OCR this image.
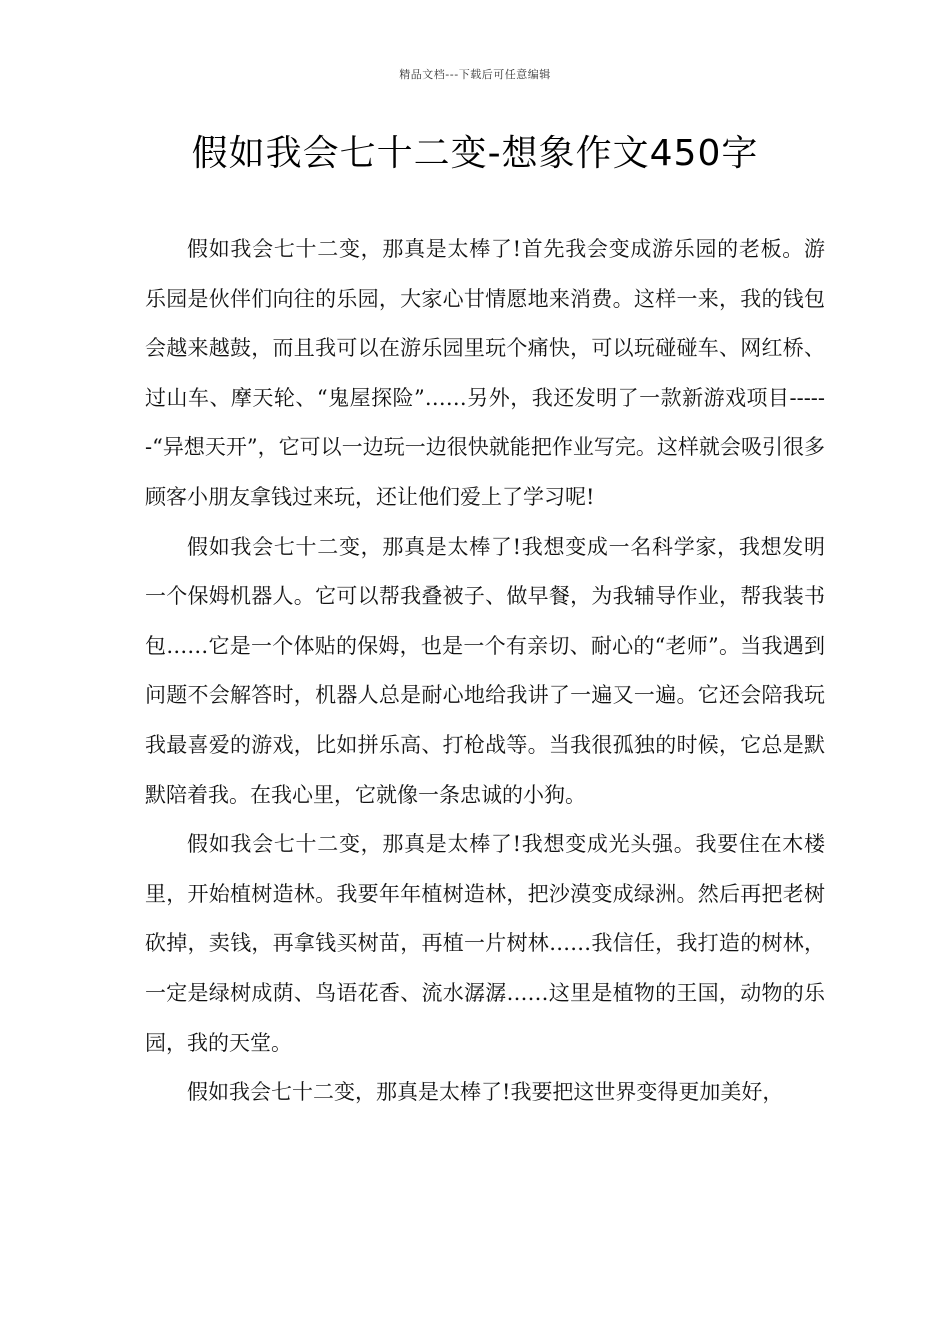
精品文档---下载后可任意编辑
假如我会七十二变-想象作文450字

假如我会七十二变，那真是太棒了!首先我会变成游乐园的老板。游乐园是伙伴们向往的乐园，大家心甘情愿地来消费。这样一来，我的钱包会越来越鼓，而且我可以在游乐园里玩个痛快，可以玩碰碰车、网红桥、过山车、摩天轮、“鬼屋探险”……另外，我还发明了一款新游戏项目------“异想天开”，它可以一边玩一边很快就能把作业写完。这样就会吸引很多顾客小朋友拿钱过来玩，还让他们爱上了学习呢!

假如我会七十二变，那真是太棒了!我想变成一名科学家，我想发明一个保姆机器人。它可以帮我叠被子、做早餐，为我辅导作业，帮我装书包……它是一个体贴的保姆，也是一个有亲切、耐心的“老师”。当我遇到问题不会解答时，机器人总是耐心地给我讲了一遍又一遍。它还会陪我玩我最喜爱的游戏，比如拼乐高、打枪战等。当我很孤独的时候，它总是默默陪着我。在我心里，它就像一条忠诚的小狗。

假如我会七十二变，那真是太棒了!我想变成光头强。我要住在木楼里，开始植树造林。我要年年植树造林，把沙漠变成绿洲。然后再把老树砍掉，卖钱，再拿钱买树苗，再植一片树林……我信任，我打造的树林，一定是绿树成荫、鸟语花香、流水潺潺……这里是植物的王国，动物的乐园，我的天堂。

假如我会七十二变，那真是太棒了!我要把这世界变得更加美好，
